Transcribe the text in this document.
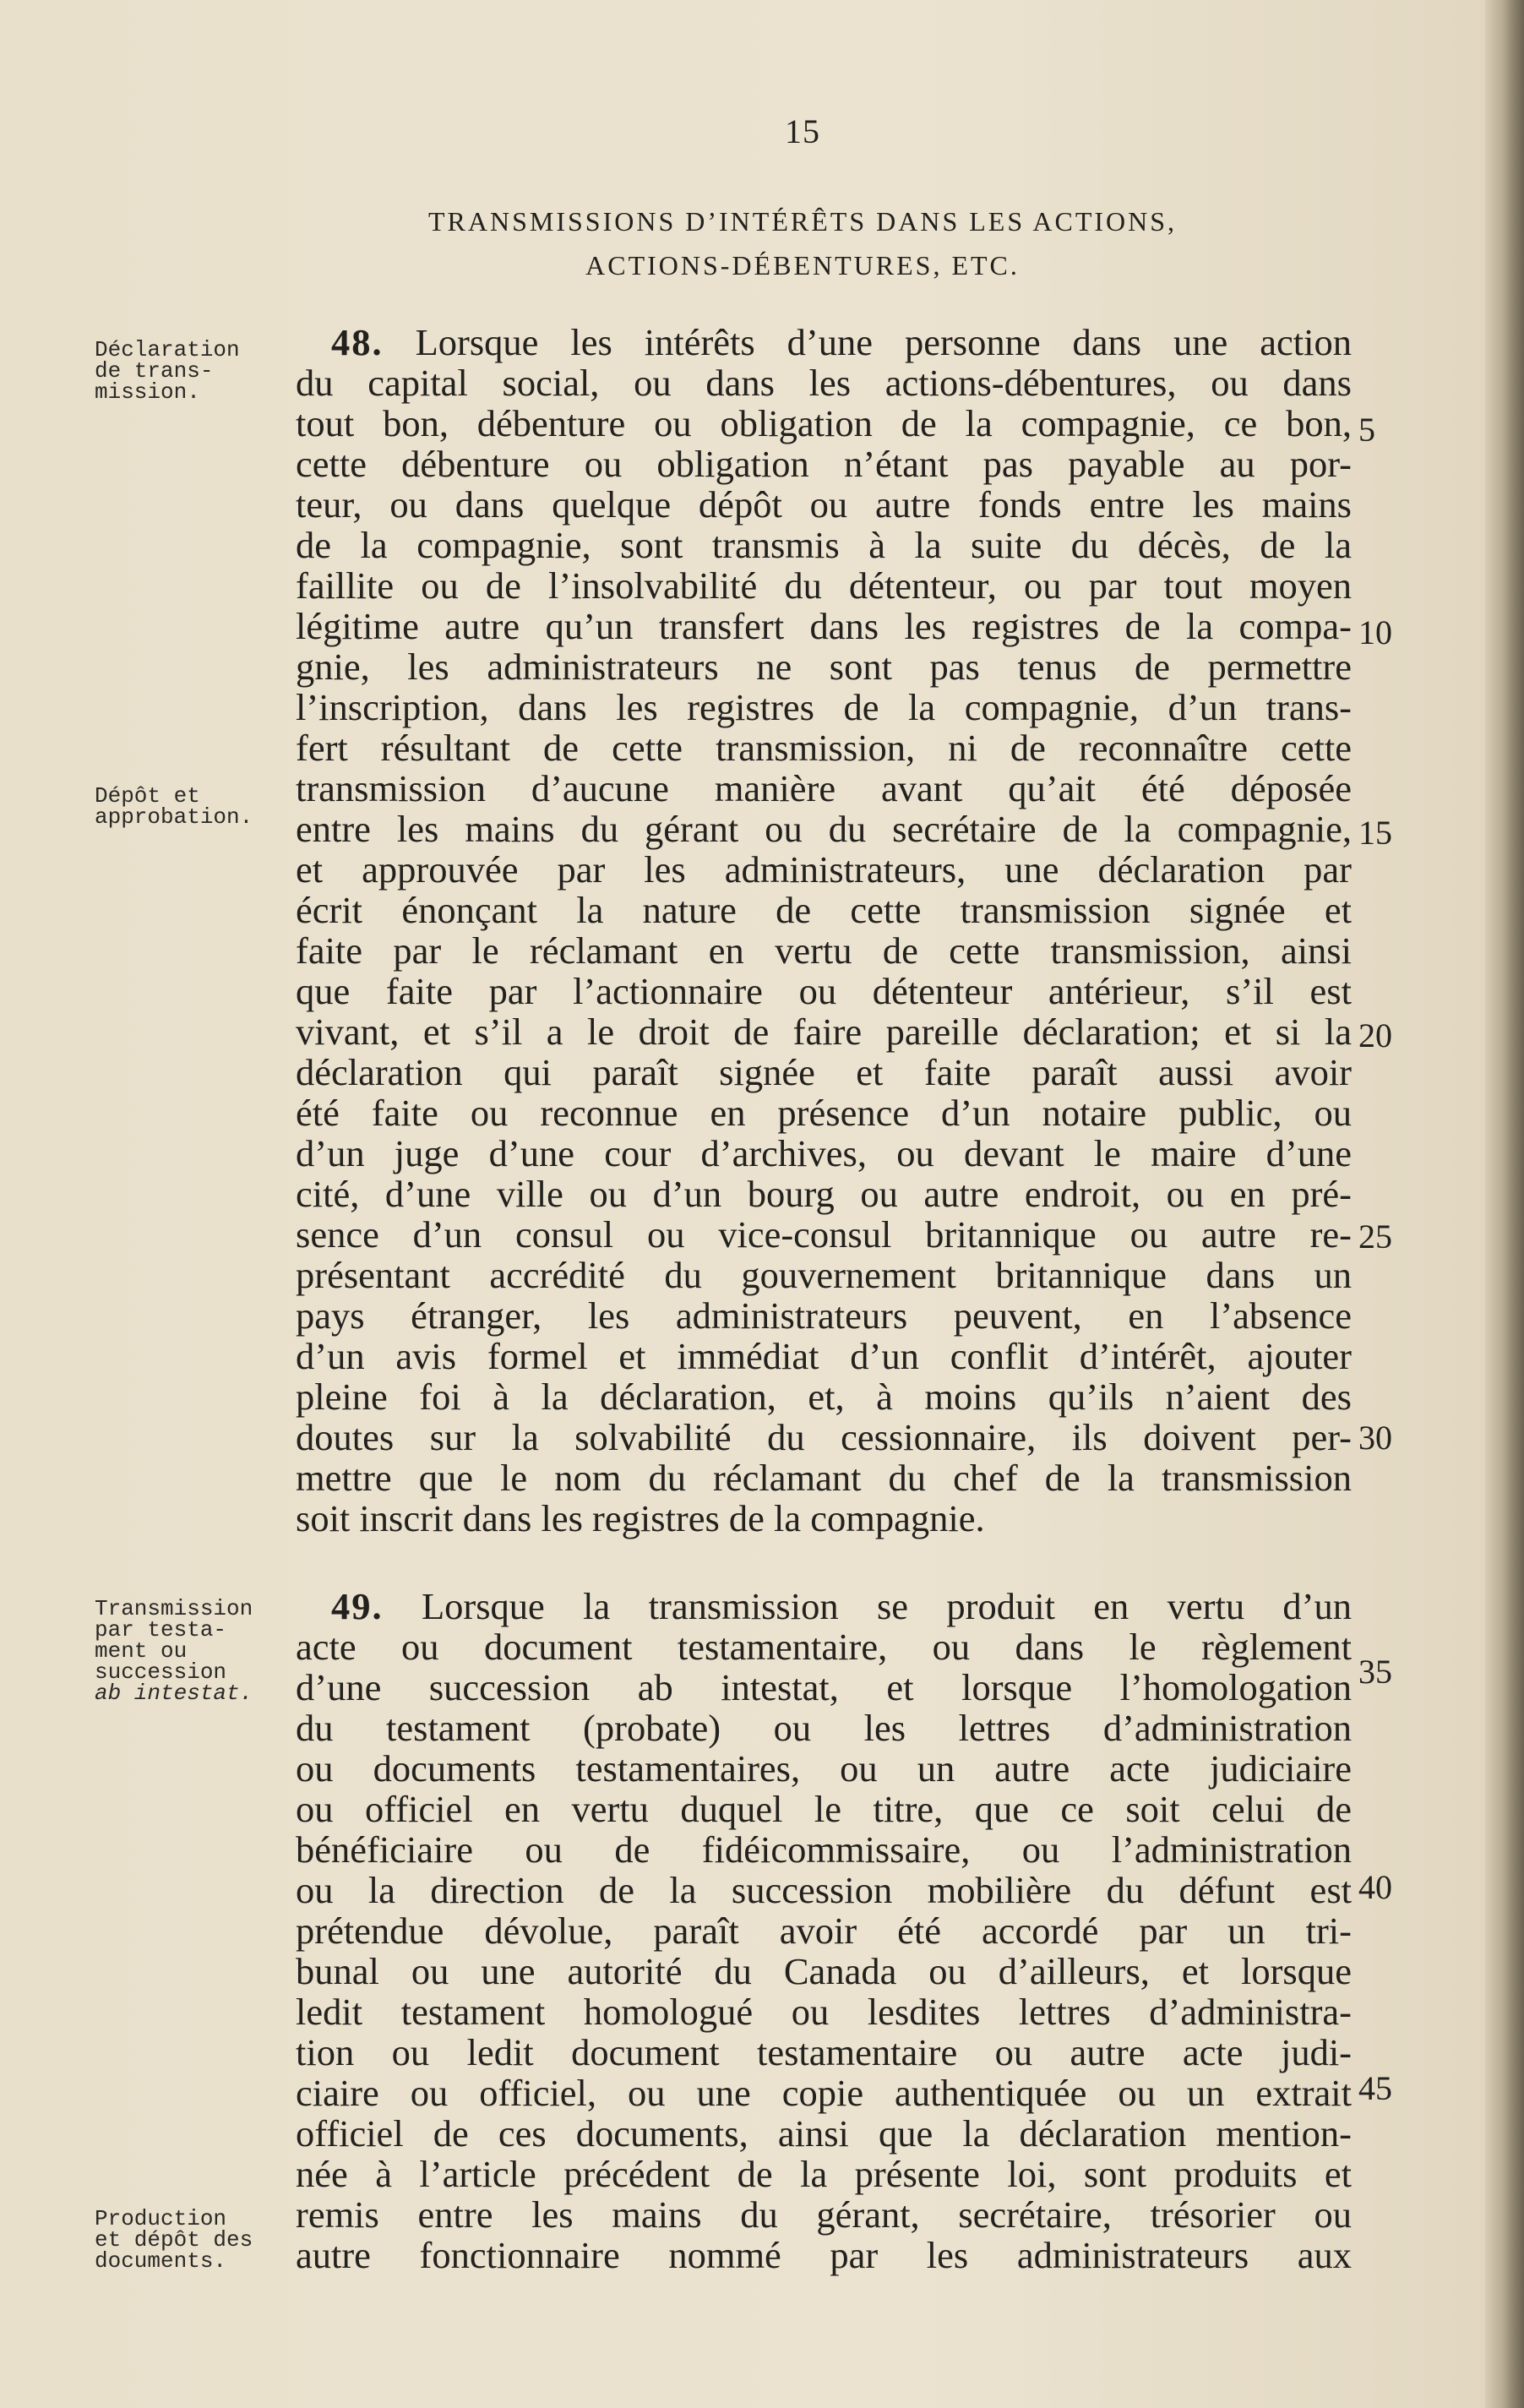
15
TRANSMISSIONS D’INTÉRÊTS DANS LES ACTIONS,
ACTIONS-DÉBENTURES, ETC.
Déclaration
de trans-
mission.
Dépôt et
approbation.
Transmission
par testa-
ment ou
succession
ab intestat.
Production
et dépôt des
documents.
48. Lorsque les intérêts d’une personne dans une action
du capital social, ou dans les actions-débentures, ou dans
tout bon, débenture ou obligation de la compagnie, ce bon,
cette débenture ou obligation n’étant pas payable au por-
teur, ou dans quelque dépôt ou autre fonds entre les mains
de la compagnie, sont transmis à la suite du décès, de la
faillite ou de l’insolvabilité du détenteur, ou par tout moyen
légitime autre qu’un transfert dans les registres de la compa-
gnie, les administrateurs ne sont pas tenus de permettre
l’inscription, dans les registres de la compagnie, d’un trans-
fert résultant de cette transmission, ni de reconnaître cette
transmission d’aucune manière avant qu’ait été déposée
entre les mains du gérant ou du secrétaire de la compagnie,
et approuvée par les administrateurs, une déclaration par
écrit énonçant la nature de cette transmission signée et
faite par le réclamant en vertu de cette transmission, ainsi
que faite par l’actionnaire ou détenteur antérieur, s’il est
vivant, et s’il a le droit de faire pareille déclaration; et si la
déclaration qui paraît signée et faite paraît aussi avoir
été faite ou reconnue en présence d’un notaire public, ou
d’un juge d’une cour d’archives, ou devant le maire d’une
cité, d’une ville ou d’un bourg ou autre endroit, ou en pré-
sence d’un consul ou vice-consul britannique ou autre re-
présentant accrédité du gouvernement britannique dans un
pays étranger, les administrateurs peuvent, en l’absence
d’un avis formel et immédiat d’un conflit d’intérêt, ajouter
pleine foi à la déclaration, et, à moins qu’ils n’aient des
doutes sur la solvabilité du cessionnaire, ils doivent per-
mettre que le nom du réclamant du chef de la transmission
soit inscrit dans les registres de la compagnie.
49. Lorsque la transmission se produit en vertu d’un
acte ou document testamentaire, ou dans le règlement
d’une succession ab intestat, et lorsque l’homologation
du testament (probate) ou les lettres d’administration
ou documents testamentaires, ou un autre acte judiciaire
ou officiel en vertu duquel le titre, que ce soit celui de
bénéficiaire ou de fidéicommissaire, ou l’administration
ou la direction de la succession mobilière du défunt est
prétendue dévolue, paraît avoir été accordé par un tri-
bunal ou une autorité du Canada ou d’ailleurs, et lorsque
ledit testament homologué ou lesdites lettres d’administra-
tion ou ledit document testamentaire ou autre acte judi-
ciaire ou officiel, ou une copie authentiquée ou un extrait
officiel de ces documents, ainsi que la déclaration mention-
née à l’article précédent de la présente loi, sont produits et
remis entre les mains du gérant, secrétaire, trésorier ou
autre fonctionnaire nommé par les administrateurs aux
5
10
15
20
25
30
35
40
45
